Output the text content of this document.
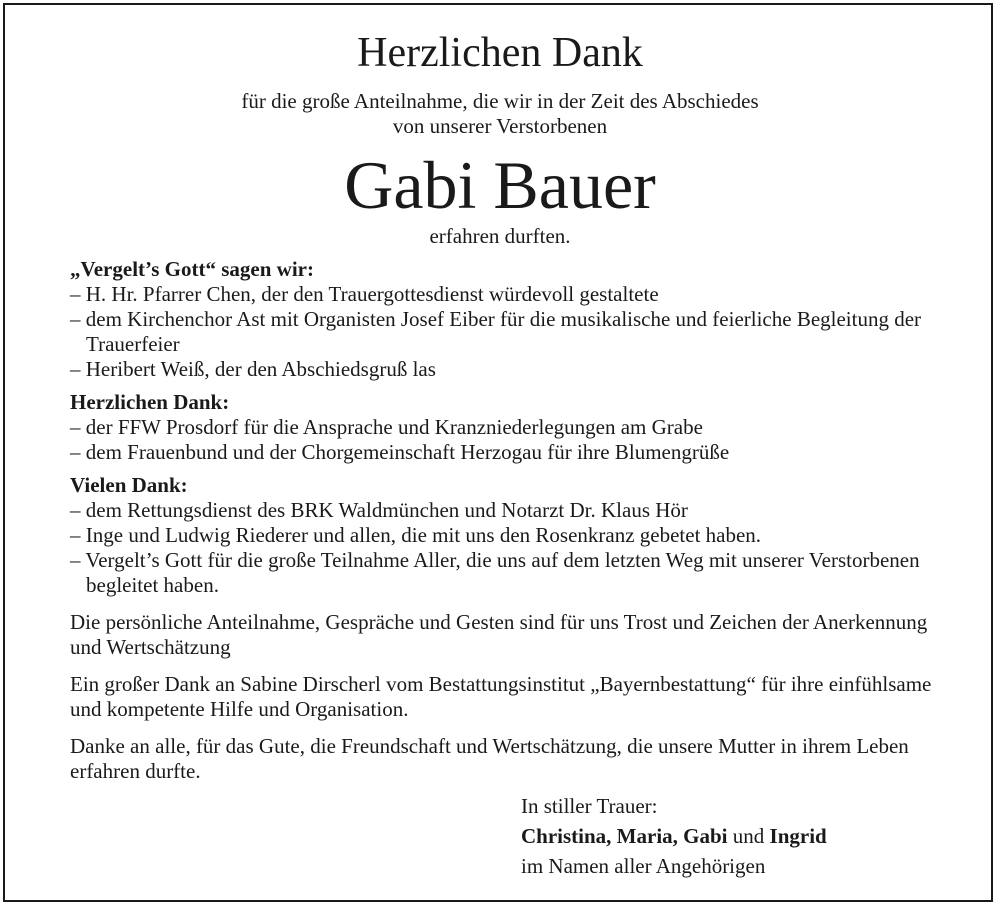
Herzlichen Dank
für die große Anteilnahme, die wir in der Zeit des Abschiedes
von unserer Verstorbenen
Gabi Bauer
erfahren durften.

„Vergelt’s Gott“ sagen wir:

– H. Hr. Pfarrer Chen, der den Trauergottesdienst würdevoll gestaltete

– dem Kirchenchor Ast mit Organisten Josef Eiber für die musikalische und feierliche Begleitung der Trauerfeier

– Heribert Weiß, der den Abschiedsgruß las

Herzlichen Dank:

– der FFW Prosdorf für die Ansprache und Kranzniederlegungen am Grabe

– dem Frauenbund und der Chorgemeinschaft Herzogau für ihre Blumengrüße

Vielen Dank:

– dem Rettungsdienst des BRK Waldmünchen und Notarzt Dr. Klaus Hör

– Inge und Ludwig Riederer und allen, die mit uns den Rosenkranz gebetet haben.

– Vergelt’s Gott für die große Teilnahme Aller, die uns auf dem letzten Weg mit unserer Verstorbenen begleitet haben.

Die persönliche Anteilnahme, Gespräche und Gesten sind für uns Trost und Zeichen der Anerkennung und Wertschätzung

Ein großer Dank an Sabine Dirscherl vom Bestattungsinstitut „Bayernbestattung“ für ihre einfühlsame und kompetente Hilfe und Organisation.

Danke an alle, für das Gute, die Freundschaft und Wertschätzung, die unsere Mutter in ihrem Leben erfahren durfte.

In stiller Trauer:

Christina, Maria, Gabi und Ingrid

im Namen aller Angehörigen
